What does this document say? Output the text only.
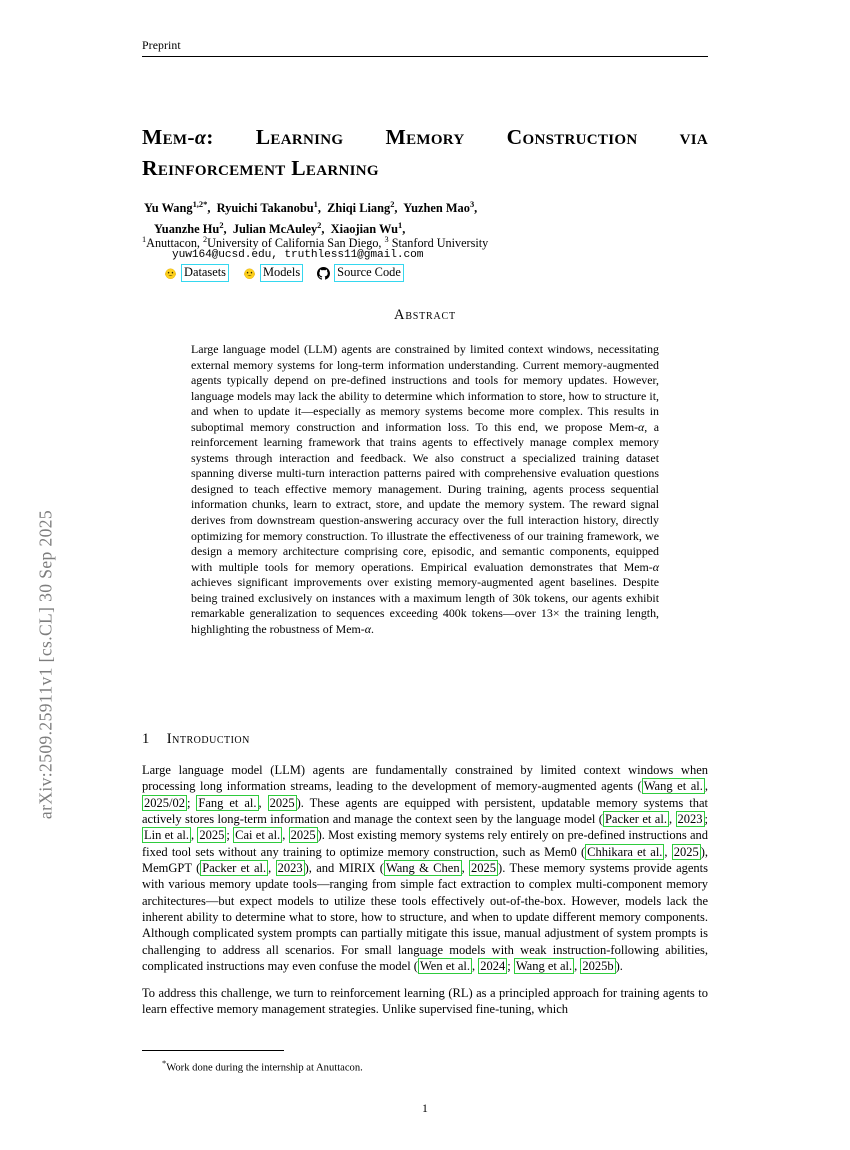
arXiv:2509.25911v1 [cs.CL] 30 Sep 2025
Preprint
Mem-α: Learning Memory Construction via
Reinforcement Learning
Yu Wang$^{1,2*}$,  Ryuichi Takanobu$^1$,  Zhiqi Liang$^2$,  Yuzhen Mao$^3$,
Yuanzhe Hu$^2$,  Julian McAuley$^2$,  Xiaojian Wu$^1$,
$^1$Anuttacon, $^2$University of California San Diego, $^3$ Stanford University
yuw164@ucsd.edu, truthless11@gmail.com
Datasets	Models	Source Code
Abstract
Large language model (LLM) agents are constrained by limited context windows, necessitating external memory systems for long-term information understanding. Current memory-augmented agents typically depend on pre-defined instructions and tools for memory updates. However, language models may lack the ability to determine which information to store, how to structure it, and when to update it—especially as memory systems become more complex. This results in suboptimal memory construction and information loss. To this end, we propose Mem-α, a reinforcement learning framework that trains agents to effectively manage complex memory systems through interaction and feedback. We also construct a specialized training dataset spanning diverse multi-turn interaction patterns paired with comprehensive evaluation questions designed to teach effective memory management. During training, agents process sequential information chunks, learn to extract, store, and update the memory system. The reward signal derives from downstream question-answering accuracy over the full interaction history, directly optimizing for memory construction. To illustrate the effectiveness of our training framework, we design a memory architecture comprising core, episodic, and semantic components, equipped with multiple tools for memory operations. Empirical evaluation demonstrates that Mem-α achieves significant improvements over existing memory-augmented agent baselines. Despite being trained exclusively on instances with a maximum length of 30k tokens, our agents exhibit remarkable generalization to sequences exceeding 400k tokens—over 13× the training length, highlighting the robustness of Mem-α.
1 Introduction

Large language model (LLM) agents are fundamentally constrained by limited context windows when processing long information streams, leading to the development of memory-augmented agents ( Wang et al. , 2025/02 ; Fang et al. , 2025 ). These agents are equipped with persistent, updatable memory systems that actively stores long-term information and manage the context seen by the language model ( Packer et al. , 2023 ; Lin et al. , 2025 ; Cai et al. , 2025 ). Most existing memory systems rely entirely on pre-defined instructions and fixed tool sets without any training to optimize memory construction, such as Mem0 ( Chhikara et al. , 2025 ), MemGPT ( Packer et al. , 2023 ), and MIRIX ( Wang & Chen , 2025 ). These memory systems provide agents with various memory update tools—ranging from simple fact extraction to complex multi-component memory architectures—but expect models to utilize these tools effectively out-of-the-box. However, models lack the inherent ability to determine what to store, how to structure, and when to update different memory components. Although complicated system prompts can partially mitigate this issue, manual adjustment of system prompts is challenging to address all scenarios. For small language models with weak instruction-following abilities, complicated instructions may even confuse the model ( Wen et al. , 2024 ; Wang et al. , 2025b ).

To address this challenge, we turn to reinforcement learning (RL) as a principled approach for training agents to learn effective memory management strategies. Unlike supervised fine-tuning, which

*Work done during the internship at Anuttacon.
1
